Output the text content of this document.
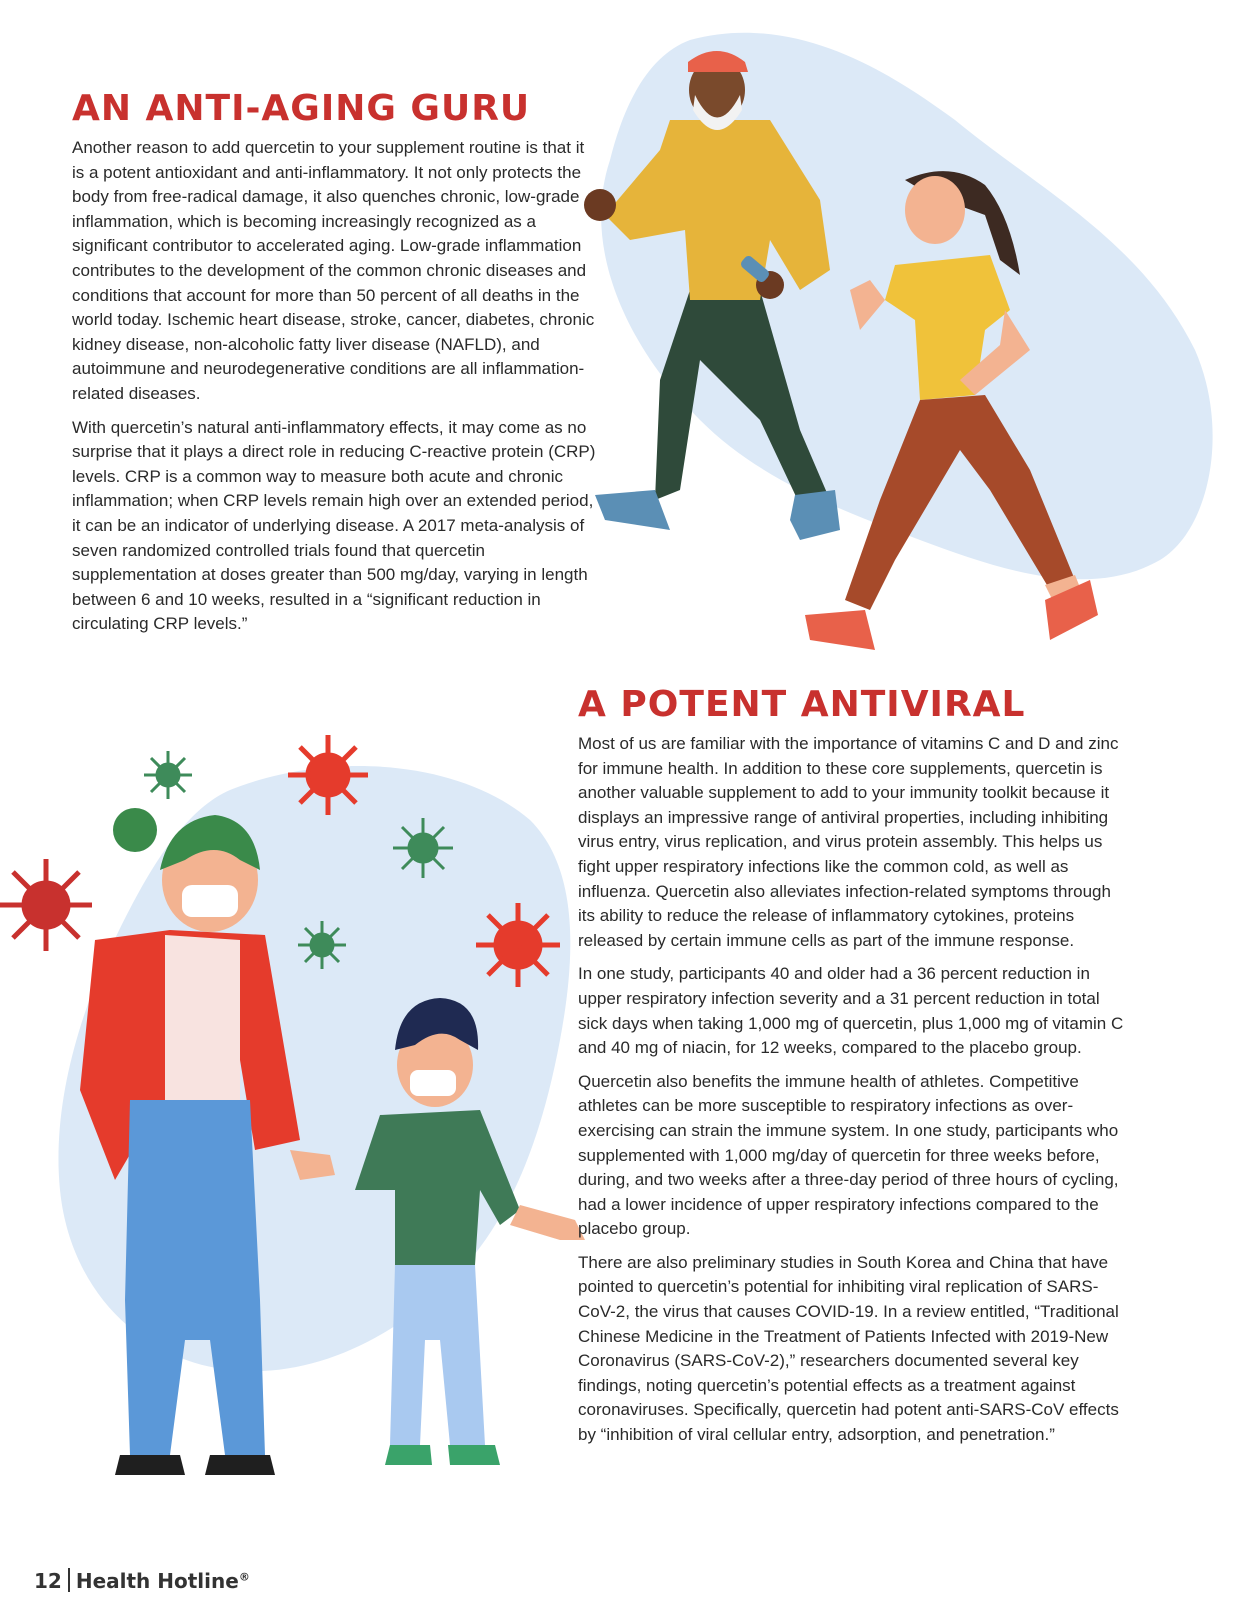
AN ANTI-AGING GURU

Another reason to add quercetin to your supplement routine is that it is a potent antioxidant and anti-inflammatory. It not only protects the body from free-radical damage, it also quenches chronic, low-grade inflammation, which is becoming increasingly recognized as a significant contributor to accelerated aging. Low-grade inflammation contributes to the development of the common chronic diseases and conditions that account for more than 50 percent of all deaths in the world today. Ischemic heart disease, stroke, cancer, diabetes, chronic kidney disease, non-alcoholic fatty liver disease (NAFLD), and autoimmune and neurodegenerative conditions are all inflammation-related diseases.

With quercetin’s natural anti-inflammatory effects, it may come as no surprise that it plays a direct role in reducing C-reactive protein (CRP) levels. CRP is a common way to measure both acute and chronic inflammation; when CRP levels remain high over an extended period, it can be an indicator of underlying disease. A 2017 meta-analysis of seven randomized controlled trials found that quercetin supplementation at doses greater than 500 mg/day, varying in length between 6 and 10 weeks, resulted in a “significant reduction in circulating CRP levels.”

A POTENT ANTIVIRAL

Most of us are familiar with the importance of vitamins C and D and zinc for immune health. In addition to these core supplements, quercetin is another valuable supplement to add to your immunity toolkit because it displays an impressive range of antiviral properties, including inhibiting virus entry, virus replication, and virus protein assembly. This helps us fight upper respiratory infections like the common cold, as well as influenza. Quercetin also alleviates infection-related symptoms through its ability to reduce the release of inflammatory cytokines, proteins released by certain immune cells as part of the immune response.

In one study, participants 40 and older had a 36 percent reduction in upper respiratory infection severity and a 31 percent reduction in total sick days when taking 1,000 mg of quercetin, plus 1,000 mg of vitamin C and 40 mg of niacin, for 12 weeks, compared to the placebo group.

Quercetin also benefits the immune health of athletes. Competitive athletes can be more susceptible to respiratory infections as over-exercising can strain the immune system. In one study, participants who supplemented with 1,000 mg/day of quercetin for three weeks before, during, and two weeks after a three-day period of three hours of cycling, had a lower incidence of upper respiratory infections compared to the placebo group.

There are also preliminary studies in South Korea and China that have pointed to quercetin’s potential for inhibiting viral replication of SARS-CoV-2, the virus that causes COVID-19. In a review entitled, “Traditional Chinese Medicine in the Treatment of Patients Infected with 2019-New Coronavirus (SARS-CoV-2),” researchers documented several key findings, noting quercetin’s potential effects as a treatment against coronaviruses. Specifically, quercetin had potent anti-SARS-CoV effects by “inhibition of viral cellular entry, adsorption, and penetration.”

12 Health Hotline®
